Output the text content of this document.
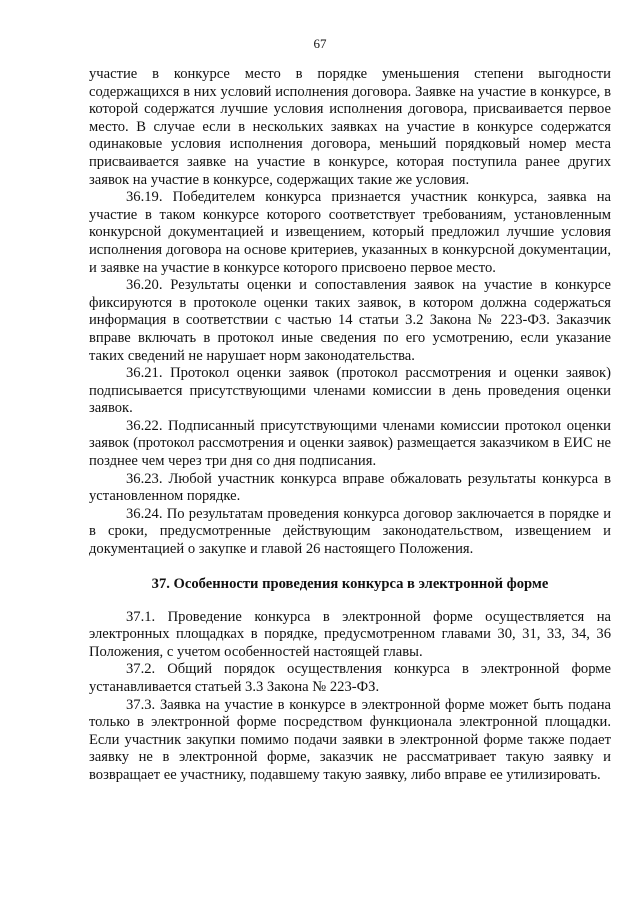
67

участие в конкурсе место в порядке уменьшения степени выгодности содержащихся в них условий исполнения договора. Заявке на участие в конкурсе, в которой содержатся лучшие условия исполнения договора, присваивается первое место. В случае если в нескольких заявках на участие в конкурсе содержатся одинаковые условия исполнения договора, меньший порядковый номер места присваивается заявке на участие в конкурсе, которая поступила ранее других заявок на участие в конкурсе, содержащих такие же условия.

36.19. Победителем конкурса признается участник конкурса, заявка на участие в таком конкурсе которого соответствует требованиям, установленным конкурсной документацией и извещением, который предложил лучшие условия исполнения договора на основе критериев, указанных в конкурсной документации, и заявке на участие в конкурсе которого присвоено первое место.

36.20. Результаты оценки и сопоставления заявок на участие в конкурсе фиксируются в протоколе оценки таких заявок, в котором должна содержаться информация в соответствии с частью 14 статьи 3.2 Закона № 223-ФЗ. Заказчик вправе включать в протокол иные сведения по его усмотрению, если указание таких сведений не нарушает норм законодательства.

36.21. Протокол оценки заявок (протокол рассмотрения и оценки заявок) подписывается присутствующими членами комиссии в день проведения оценки заявок.

36.22. Подписанный присутствующими членами комиссии протокол оценки заявок (протокол рассмотрения и оценки заявок) размещается заказчиком в ЕИС не позднее чем через три дня со дня подписания.

36.23. Любой участник конкурса вправе обжаловать результаты конкурса в установленном порядке.

36.24. По результатам проведения конкурса договор заключается в порядке и в сроки, предусмотренные действующим законодательством, извещением и документацией о закупке и главой 26 настоящего Положения.

37. Особенности проведения конкурса в электронной форме

37.1. Проведение конкурса в электронной форме осуществляется на электронных площадках в порядке, предусмотренном главами 30, 31, 33, 34, 36 Положения, с учетом особенностей настоящей главы.

37.2. Общий порядок осуществления конкурса в электронной форме устанавливается статьей 3.3 Закона № 223-ФЗ.

37.3. Заявка на участие в конкурсе в электронной форме может быть подана только в электронной форме посредством функционала электронной площадки. Если участник закупки помимо подачи заявки в электронной форме также подает заявку не в электронной форме, заказчик не рассматривает такую заявку и возвращает ее участнику, подавшему такую заявку, либо вправе ее утилизировать.
